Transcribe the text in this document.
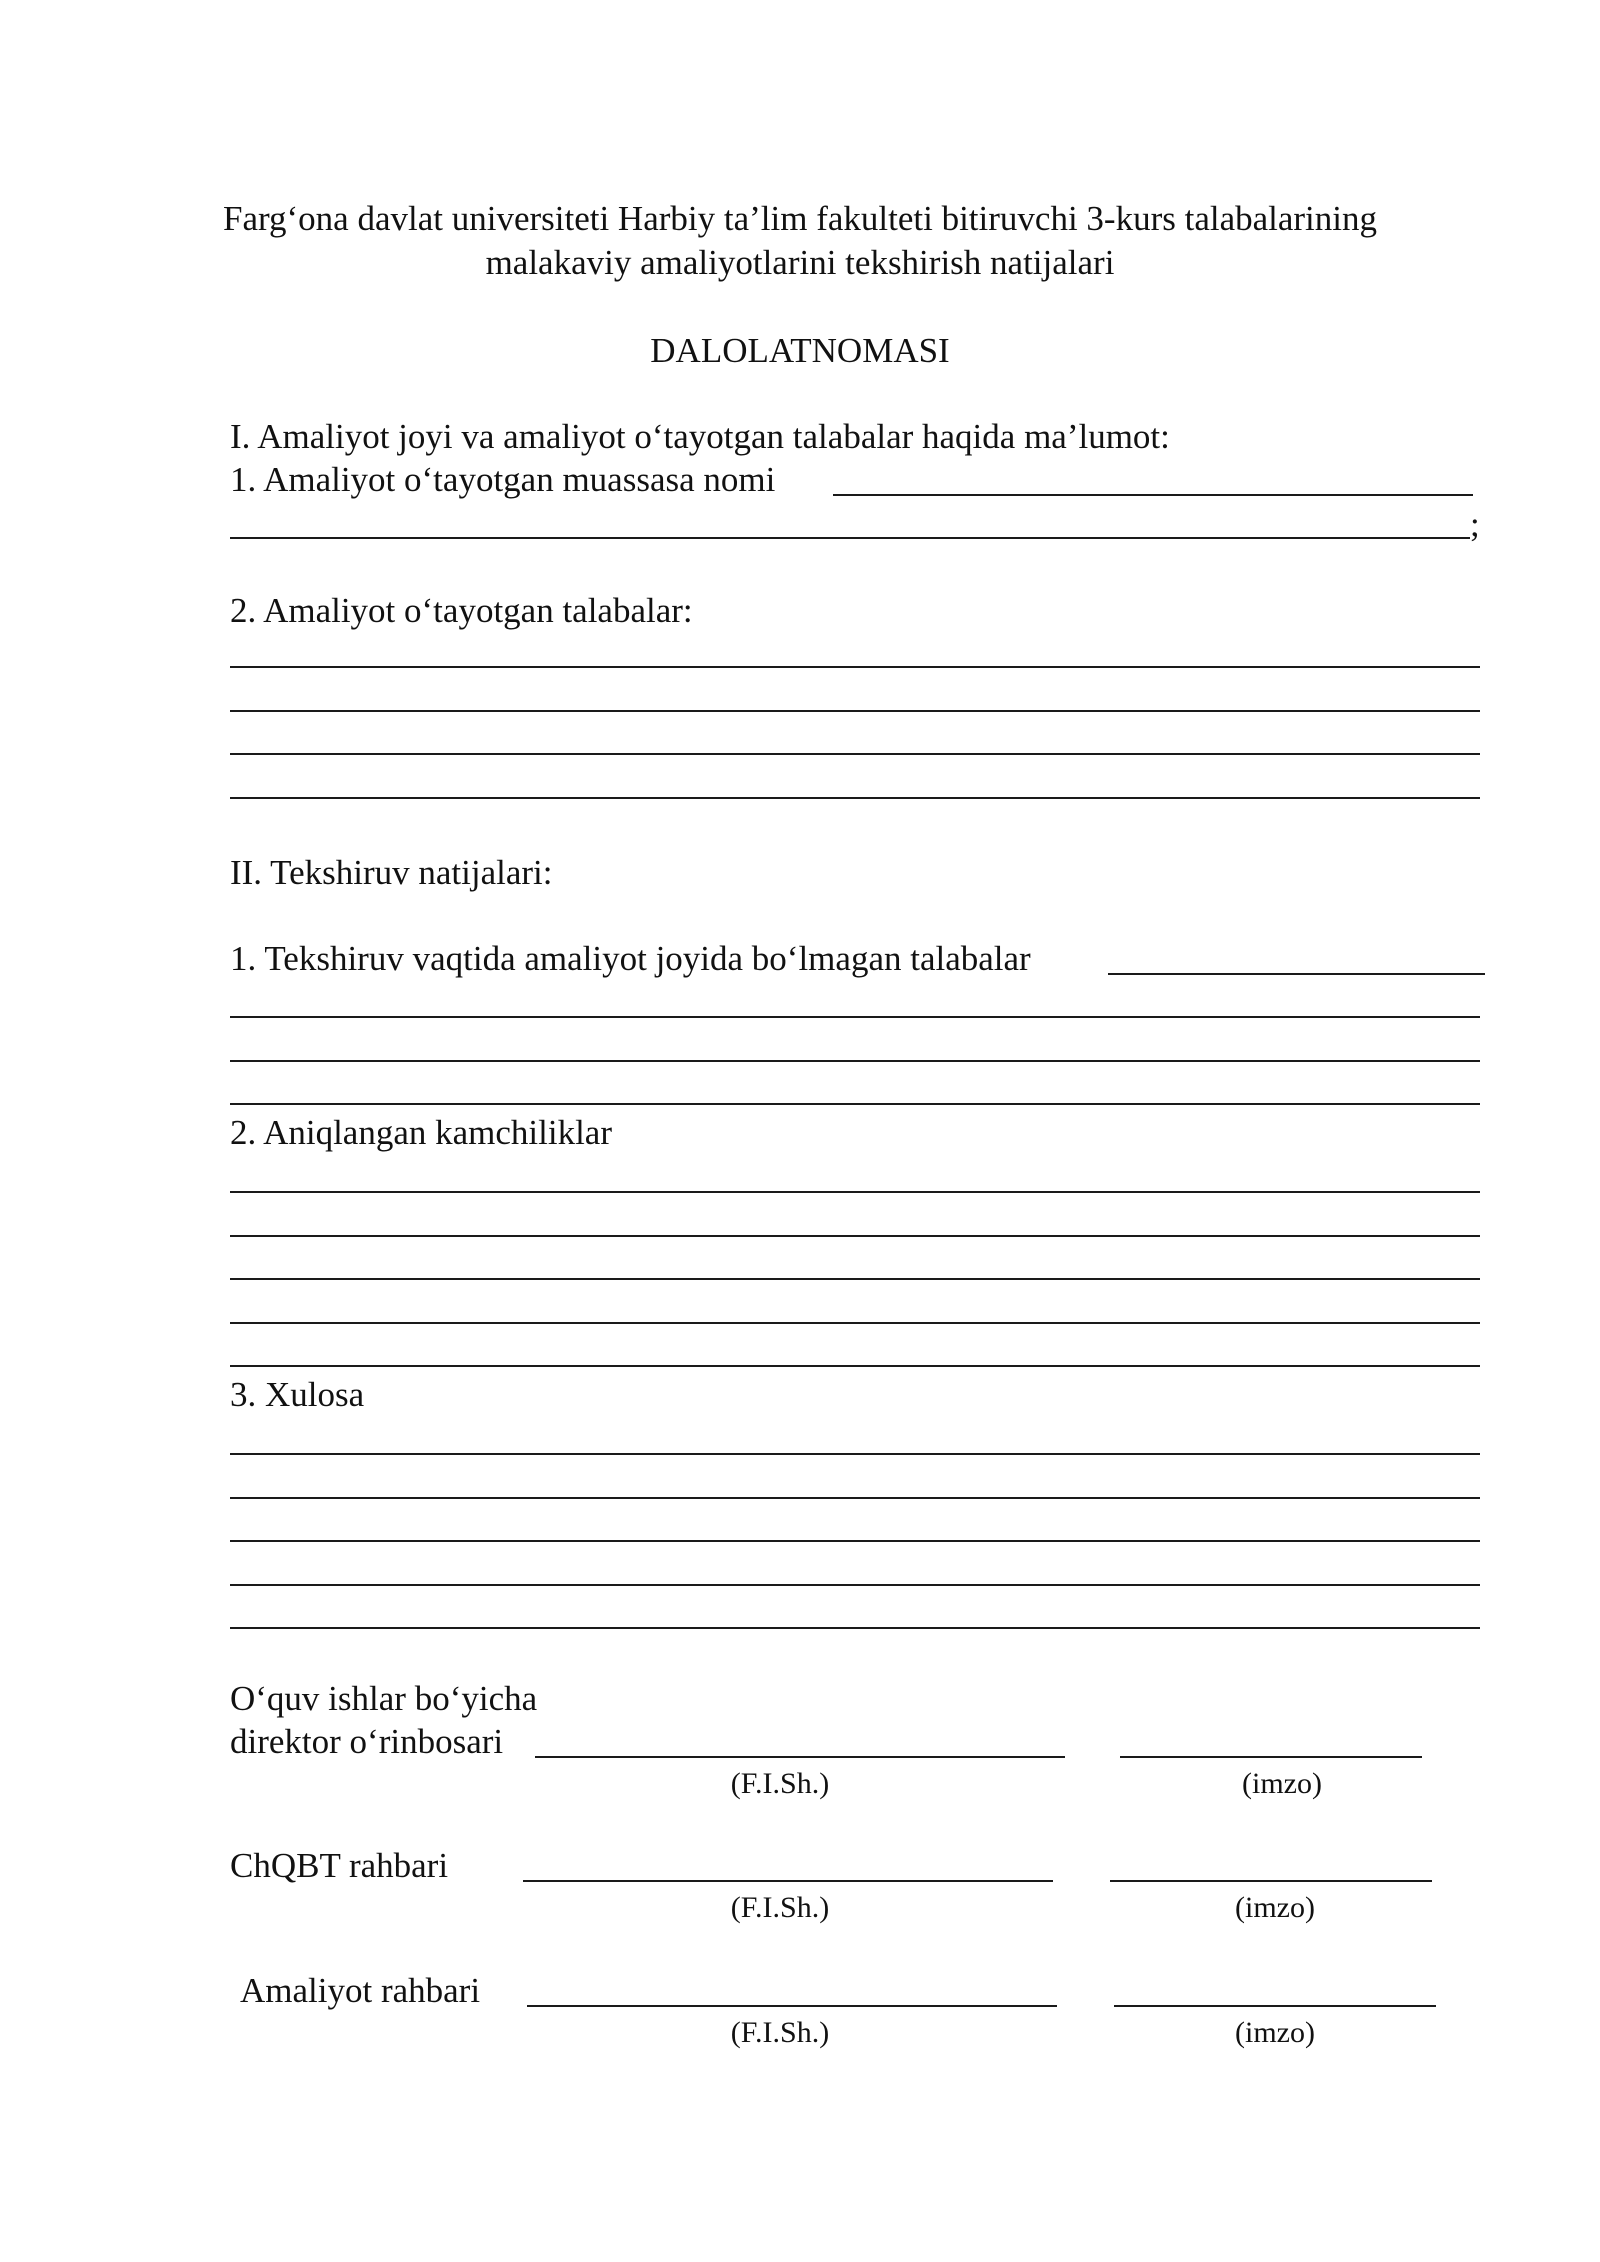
Farg‘ona davlat universiteti Harbiy ta’lim fakulteti bitiruvchi 3-kurs talabalarining
malakaviy amaliyotlarini tekshirish natijalari
DALOLATNOMASI
I. Amaliyot joyi va amaliyot o‘tayotgan talabalar haqida ma’lumot:
1. Amaliyot o‘tayotgan muassasa nomi
;
2. Amaliyot o‘tayotgan talabalar:
II. Tekshiruv natijalari:
1. Tekshiruv vaqtida amaliyot joyida bo‘lmagan talabalar
2. Aniqlangan kamchiliklar
3. Xulosa
O‘quv ishlar bo‘yicha
direktor o‘rinbosari
(F.I.Sh.)	(imzo)
ChQBT rahbari
(F.I.Sh.)	(imzo)
Amaliyot rahbari
(F.I.Sh.)	(imzo)
